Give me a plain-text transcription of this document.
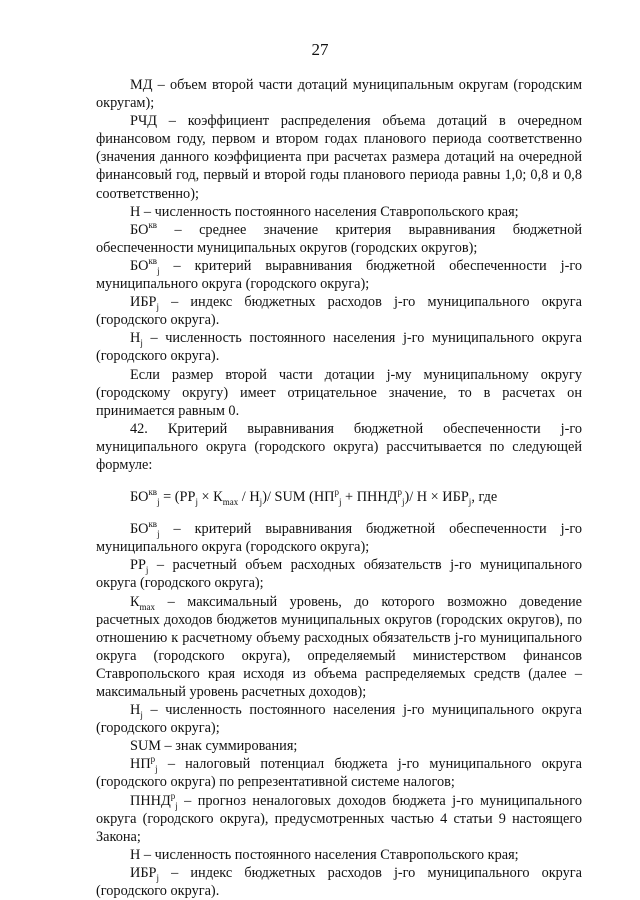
27

МД – объем второй части дотаций муниципальным округам (городским округам);

РЧД – коэффициент распределения объема дотаций в очередном финансовом году, первом и втором годах планового периода соответственно (значения данного коэффициента при расчетах размера дотаций на очередной финансовый год, первый и второй годы планового периода равны 1,0; 0,8 и 0,8 соответственно);

Н – численность постоянного населения Ставропольского края;

$БО^{кв}$ – среднее значение критерия выравнивания бюджетной обеспеченности муниципальных округов (городских округов);

$БО^{кв}_j$ – критерий выравнивания бюджетной обеспеченности j-го муниципального округа (городского округа);

$ИБР_j$ – индекс бюджетных расходов j-го муниципального округа (городского округа).

$Н_j$ – численность постоянного населения j-го муниципального округа (городского округа).

Если размер второй части дотации j-му муниципальному округу (городскому округу) имеет отрицательное значение, то в расчетах он принимается равным 0.

42. Критерий выравнивания бюджетной обеспеченности j-го муниципального округа (городского округа) рассчитывается по следующей формуле:

$БО^{кв}_j = (РР_j \times К_{max} / Н_j)/$ SUM ($НП^р_j$ + $ПННД^р_j)/$ $Н \times ИБР_j$, где

$БО^{кв}_j$ – критерий выравнивания бюджетной обеспеченности j-го муниципального округа (городского округа);

$РР_j$ – расчетный объем расходных обязательств j-го муниципального округа (городского округа);

$К_{max}$ – максимальный уровень, до которого возможно доведение расчетных доходов бюджетов муниципальных округов (городских округов), по отношению к расчетному объему расходных обязательств j-го муниципального округа (городского округа), определяемый министерством финансов Ставропольского края исходя из объема распределяемых средств (далее – максимальный уровень расчетных доходов);

$Н_j$ – численность постоянного населения j-го муниципального округа (городского округа);

SUM – знак суммирования;

$НП^р_j$ – налоговый потенциал бюджета j-го муниципального округа (городского округа) по репрезентативной системе налогов;

$ПННД^р_j$ – прогноз неналоговых доходов бюджета j-го муниципального округа (городского округа), предусмотренных частью 4 статьи 9 настоящего Закона;

Н – численность постоянного населения Ставропольского края;

$ИБР_j$ – индекс бюджетных расходов j-го муниципального округа (городского округа).
